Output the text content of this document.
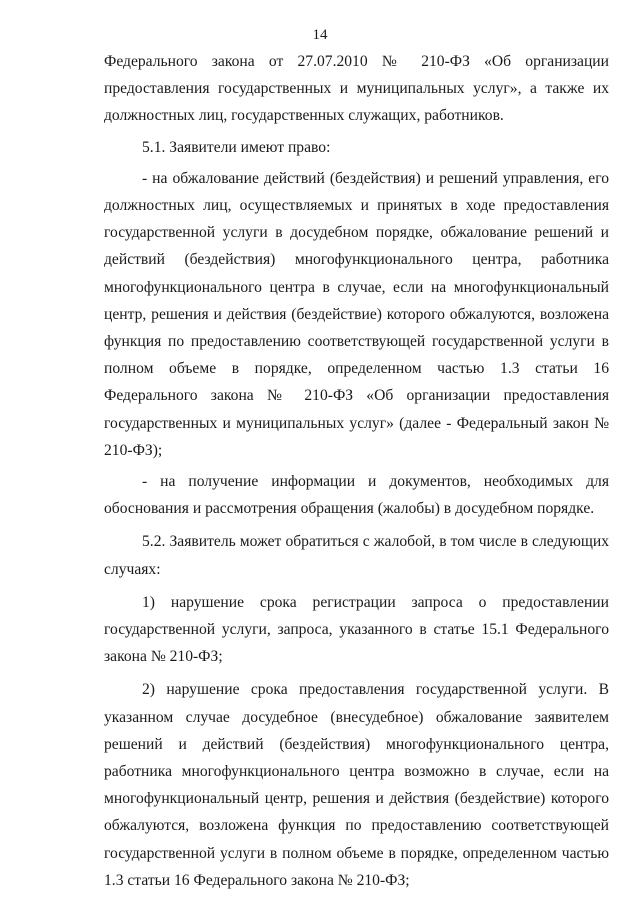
14

Федерального закона от 27.07.2010 № 210-ФЗ «Об организации предоставления государственных и муниципальных услуг», а также их должностных лиц, государственных служащих, работников.

5.1. Заявители имеют право:

- на обжалование действий (бездействия) и решений управления, его должностных лиц, осуществляемых и принятых в ходе предоставления государственной услуги в досудебном порядке, обжалование решений и действий (бездействия) многофункционального центра, работника многофункционального центра в случае, если на многофункциональный центр, решения и действия (бездействие) которого обжалуются, возложена функция по предоставлению соответствующей государственной услуги в полном объеме в порядке, определенном частью 1.3 статьи 16 Федерального закона № 210-ФЗ «Об организации предоставления государственных и муниципальных услуг» (далее - Федеральный закон № 210-ФЗ);

- на получение информации и документов, необходимых для обоснования и рассмотрения обращения (жалобы) в досудебном порядке.

5.2. Заявитель может обратиться с жалобой, в том числе в следующих случаях:

1) нарушение срока регистрации запроса о предоставлении государственной услуги, запроса, указанного в статье 15.1 Федерального закона № 210-ФЗ;

2) нарушение срока предоставления государственной услуги. В указанном случае досудебное (внесудебное) обжалование заявителем решений и действий (бездействия) многофункционального центра, работника многофункционального центра возможно в случае, если на многофункциональный центр, решения и действия (бездействие) которого обжалуются, возложена функция по предоставлению соответствующей государственной услуги в полном объеме в порядке, определенном частью 1.3 статьи 16 Федерального закона № 210-ФЗ;
